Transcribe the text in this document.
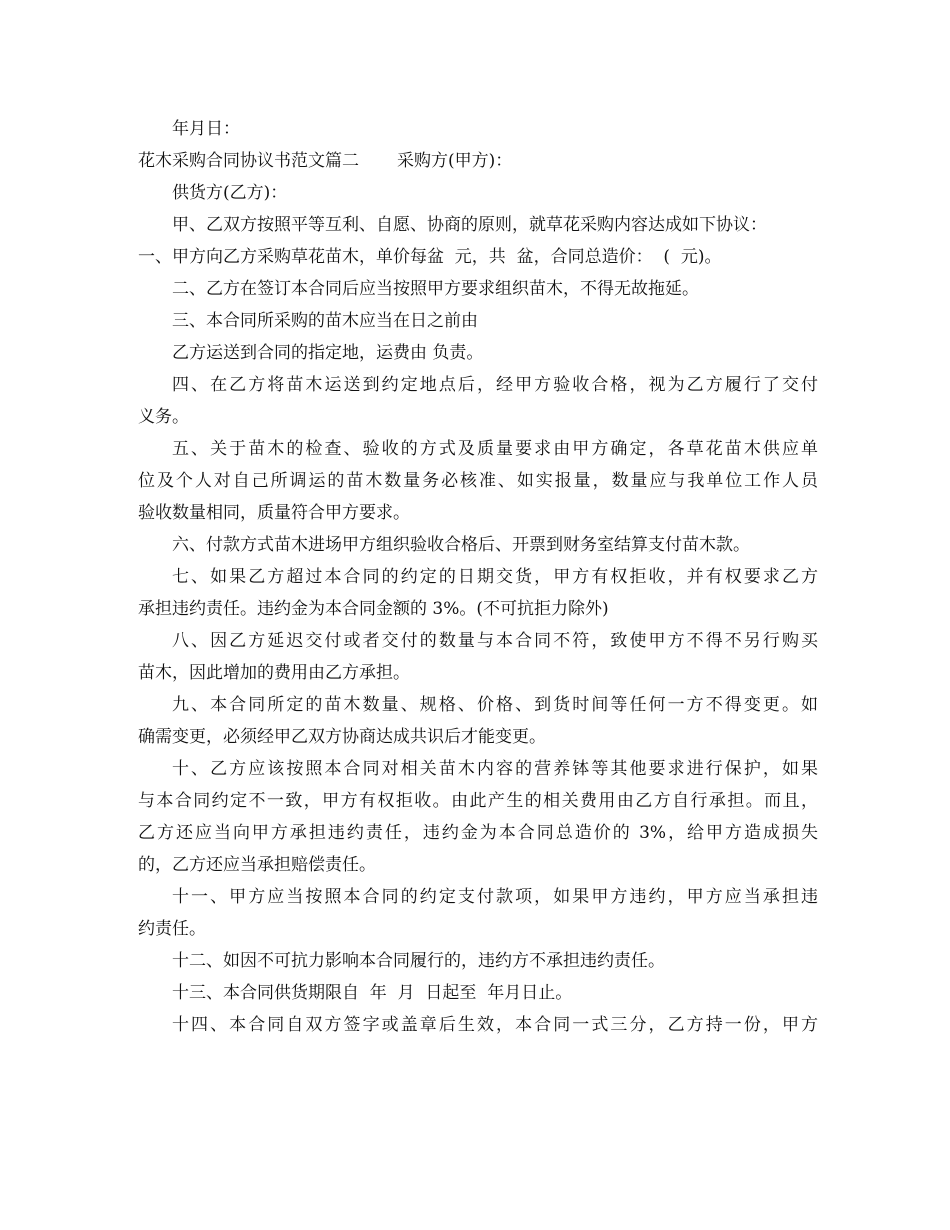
年月日：
花木采购合同协议书范文篇二 采购方(甲方)：
供货方(乙方)：
甲、乙双方按照平等互利、自愿、协商的原则，就草花采购内容达成如下协议：
一、甲方向乙方采购草花苗木，单价每盆  元，共  盆，合同总造价：  (  元)。
二、乙方在签订本合同后应当按照甲方要求组织苗木，不得无故拖延。
三、本合同所采购的苗木应当在日之前由
乙方运送到合同的指定地，运费由 负责。
四、在乙方将苗木运送到约定地点后，经甲方验收合格，视为乙方履行了交付
义务。
五、关于苗木的检查、验收的方式及质量要求由甲方确定，各草花苗木供应单
位及个人对自己所调运的苗木数量务必核准、如实报量，数量应与我单位工作人员
验收数量相同，质量符合甲方要求。
六、付款方式苗木进场甲方组织验收合格后、开票到财务室结算支付苗木款。
七、如果乙方超过本合同的约定的日期交货，甲方有权拒收，并有权要求乙方
承担违约责任。违约金为本合同金额的 3%。(不可抗拒力除外)
八、因乙方延迟交付或者交付的数量与本合同不符，致使甲方不得不另行购买
苗木，因此增加的费用由乙方承担。
九、本合同所定的苗木数量、规格、价格、到货时间等任何一方不得变更。如
确需变更，必须经甲乙双方协商达成共识后才能变更。
十、乙方应该按照本合同对相关苗木内容的营养钵等其他要求进行保护，如果
与本合同约定不一致，甲方有权拒收。由此产生的相关费用由乙方自行承担。而且，
乙方还应当向甲方承担违约责任，违约金为本合同总造价的 3%，给甲方造成损失
的，乙方还应当承担赔偿责任。
十一、甲方应当按照本合同的约定支付款项，如果甲方违约，甲方应当承担违
约责任。
十二、如因不可抗力影响本合同履行的，违约方不承担违约责任。
十三、本合同供货期限自  年  月  日起至  年月日止。
十四、本合同自双方签字或盖章后生效，本合同一式三分，乙方持一份，甲方
